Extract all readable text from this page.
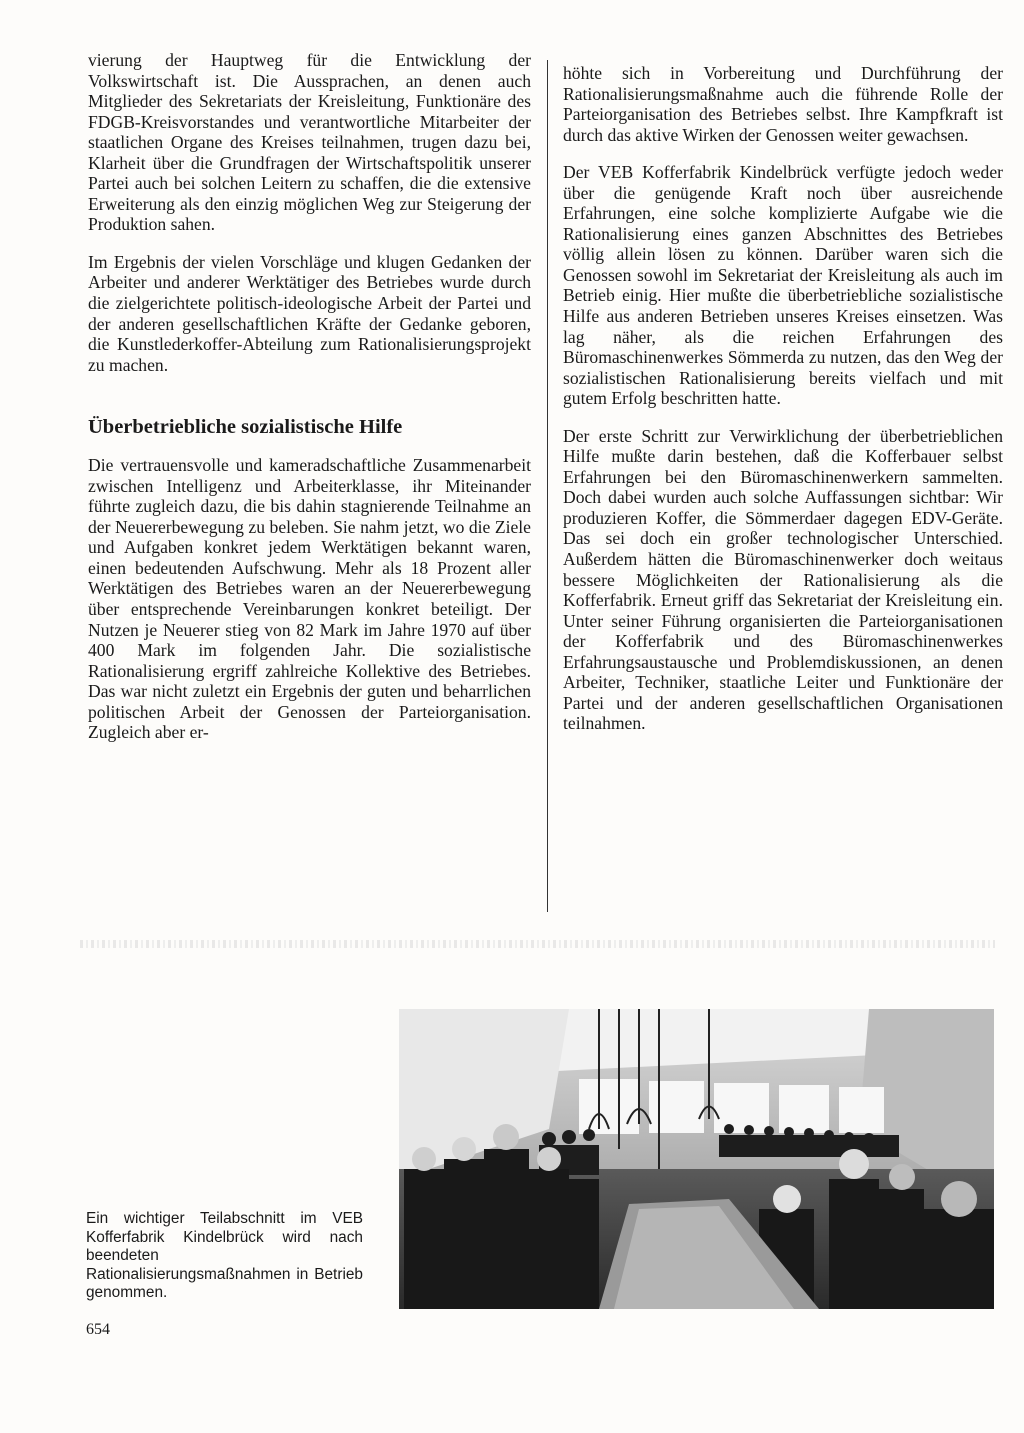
vierung der Hauptweg für die Entwicklung der Volkswirtschaft ist. Die Aussprachen, an denen auch Mitglieder des Sekretariats der Kreisleitung, Funktionäre des FDGB-Kreisvorstandes und verantwortliche Mitarbeiter der staatlichen Organe des Kreises teilnahmen, trugen dazu bei, Klarheit über die Grundfragen der Wirtschaftspolitik unserer Partei auch bei solchen Leitern zu schaffen, die die extensive Erweiterung als den einzig möglichen Weg zur Steigerung der Produktion sahen.

Im Ergebnis der vielen Vorschläge und klugen Gedanken der Arbeiter und anderer Werktätiger des Betriebes wurde durch die zielgerichtete politisch-ideologische Arbeit der Partei und der anderen gesellschaftlichen Kräfte der Gedanke geboren, die Kunstlederkoffer-Abteilung zum Rationalisierungsprojekt zu machen.

Überbetriebliche sozialistische Hilfe

Die vertrauensvolle und kameradschaftliche Zusammenarbeit zwischen Intelligenz und Arbeiterklasse, ihr Miteinander führte zugleich dazu, die bis dahin stagnierende Teilnahme an der Neuererbewegung zu beleben. Sie nahm jetzt, wo die Ziele und Aufgaben konkret jedem Werktätigen bekannt waren, einen bedeutenden Aufschwung. Mehr als 18 Prozent aller Werktätigen des Betriebes waren an der Neuererbewegung über entsprechende Vereinbarungen konkret beteiligt. Der Nutzen je Neuerer stieg von 82 Mark im Jahre 1970 auf über 400 Mark im folgenden Jahr. Die sozialistische Rationalisierung ergriff zahlreiche Kollektive des Betriebes. Das war nicht zuletzt ein Ergebnis der guten und beharrlichen politischen Arbeit der Genossen der Parteiorganisation. Zugleich aber er-

höhte sich in Vorbereitung und Durchführung der Rationalisierungsmaßnahme auch die führende Rolle der Parteiorganisation des Betriebes selbst. Ihre Kampfkraft ist durch das aktive Wirken der Genossen weiter gewachsen.

Der VEB Kofferfabrik Kindelbrück verfügte jedoch weder über die genügende Kraft noch über ausreichende Erfahrungen, eine solche komplizierte Aufgabe wie die Rationalisierung eines ganzen Abschnittes des Betriebes völlig allein lösen zu können. Darüber waren sich die Genossen sowohl im Sekretariat der Kreisleitung als auch im Betrieb einig. Hier mußte die überbetriebliche sozialistische Hilfe aus anderen Betrieben unseres Kreises einsetzen. Was lag näher, als die reichen Erfahrungen des Büromaschinenwerkes Sömmerda zu nutzen, das den Weg der sozialistischen Rationalisierung bereits vielfach und mit gutem Erfolg beschritten hatte.

Der erste Schritt zur Verwirklichung der überbetrieblichen Hilfe mußte darin bestehen, daß die Kofferbauer selbst Erfahrungen bei den Büromaschinenwerkern sammelten. Doch dabei wurden auch solche Auffassungen sichtbar: Wir produzieren Koffer, die Sömmerdaer dagegen EDV-Geräte. Das sei doch ein großer technologischer Unterschied. Außerdem hätten die Büromaschinenwerker doch weitaus bessere Möglichkeiten der Rationalisierung als die Kofferfabrik. Erneut griff das Sekretariat der Kreisleitung ein. Unter seiner Führung organisierten die Parteiorganisationen der Kofferfabrik und des Büromaschinenwerkes Erfahrungsaustausche und Problemdiskussionen, an denen Arbeiter, Techniker, staatliche Leiter und Funktionäre der Partei und der anderen gesellschaftlichen Organisationen teilnahmen.

Ein wichtiger Teilabschnitt im VEB Kofferfabrik Kindelbrück wird nach beendeten Rationalisierungsmaßnahmen in Betrieb genommen.
654
